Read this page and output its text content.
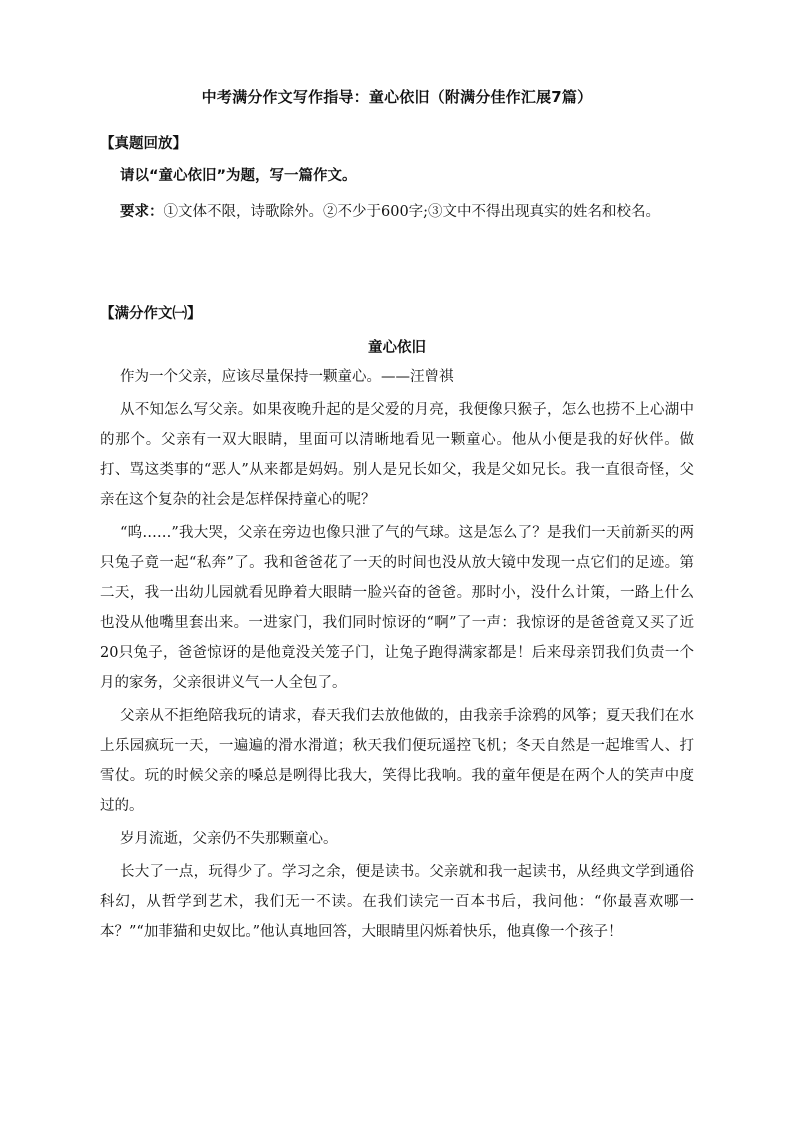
中考满分作文写作指导：童心依旧（附满分佳作汇展7篇）
【真题回放】
请以“童心依旧”为题，写一篇作文。

要求：①文体不限，诗歌除外。②不少于600字;③文中不得出现真实的姓名和校名。

【满分作文㈠】
童心依旧

作为一个父亲，应该尽量保持一颗童心。——汪曾祺

从不知怎么写父亲。如果夜晚升起的是父爱的月亮，我便像只猴子，怎么也捞不上心湖中的那个。父亲有一双大眼睛，里面可以清晰地看见一颗童心。他从小便是我的好伙伴。做打、骂这类事的“恶人”从来都是妈妈。别人是兄长如父，我是父如兄长。我一直很奇怪，父亲在这个复杂的社会是怎样保持童心的呢？

“呜……”我大哭，父亲在旁边也像只泄了气的气球。这是怎么了？是我们一天前新买的两只兔子竟一起“私奔”了。我和爸爸花了一天的时间也没从放大镜中发现一点它们的足迹。第二天，我一出幼儿园就看见睁着大眼睛一脸兴奋的爸爸。那时小，没什么计策，一路上什么也没从他嘴里套出来。一进家门，我们同时惊讶的“啊”了一声：我惊讶的是爸爸竟又买了近20只兔子，爸爸惊讶的是他竟没关笼子门，让兔子跑得满家都是！后来母亲罚我们负责一个月的家务，父亲很讲义气一人全包了。

父亲从不拒绝陪我玩的请求，春天我们去放他做的，由我亲手涂鸦的风筝；夏天我们在水上乐园疯玩一天，一遍遍的滑水滑道；秋天我们便玩遥控飞机；冬天自然是一起堆雪人、打雪仗。玩的时候父亲的嗓总是咧得比我大，笑得比我响。我的童年便是在两个人的笑声中度过的。

岁月流逝，父亲仍不失那颗童心。

长大了一点，玩得少了。学习之余，便是读书。父亲就和我一起读书，从经典文学到通俗科幻，从哲学到艺术，我们无一不读。在我们读完一百本书后，我问他：“你最喜欢哪一本？”“加菲猫和史奴比。”他认真地回答，大眼睛里闪烁着快乐，他真像一个孩子！
